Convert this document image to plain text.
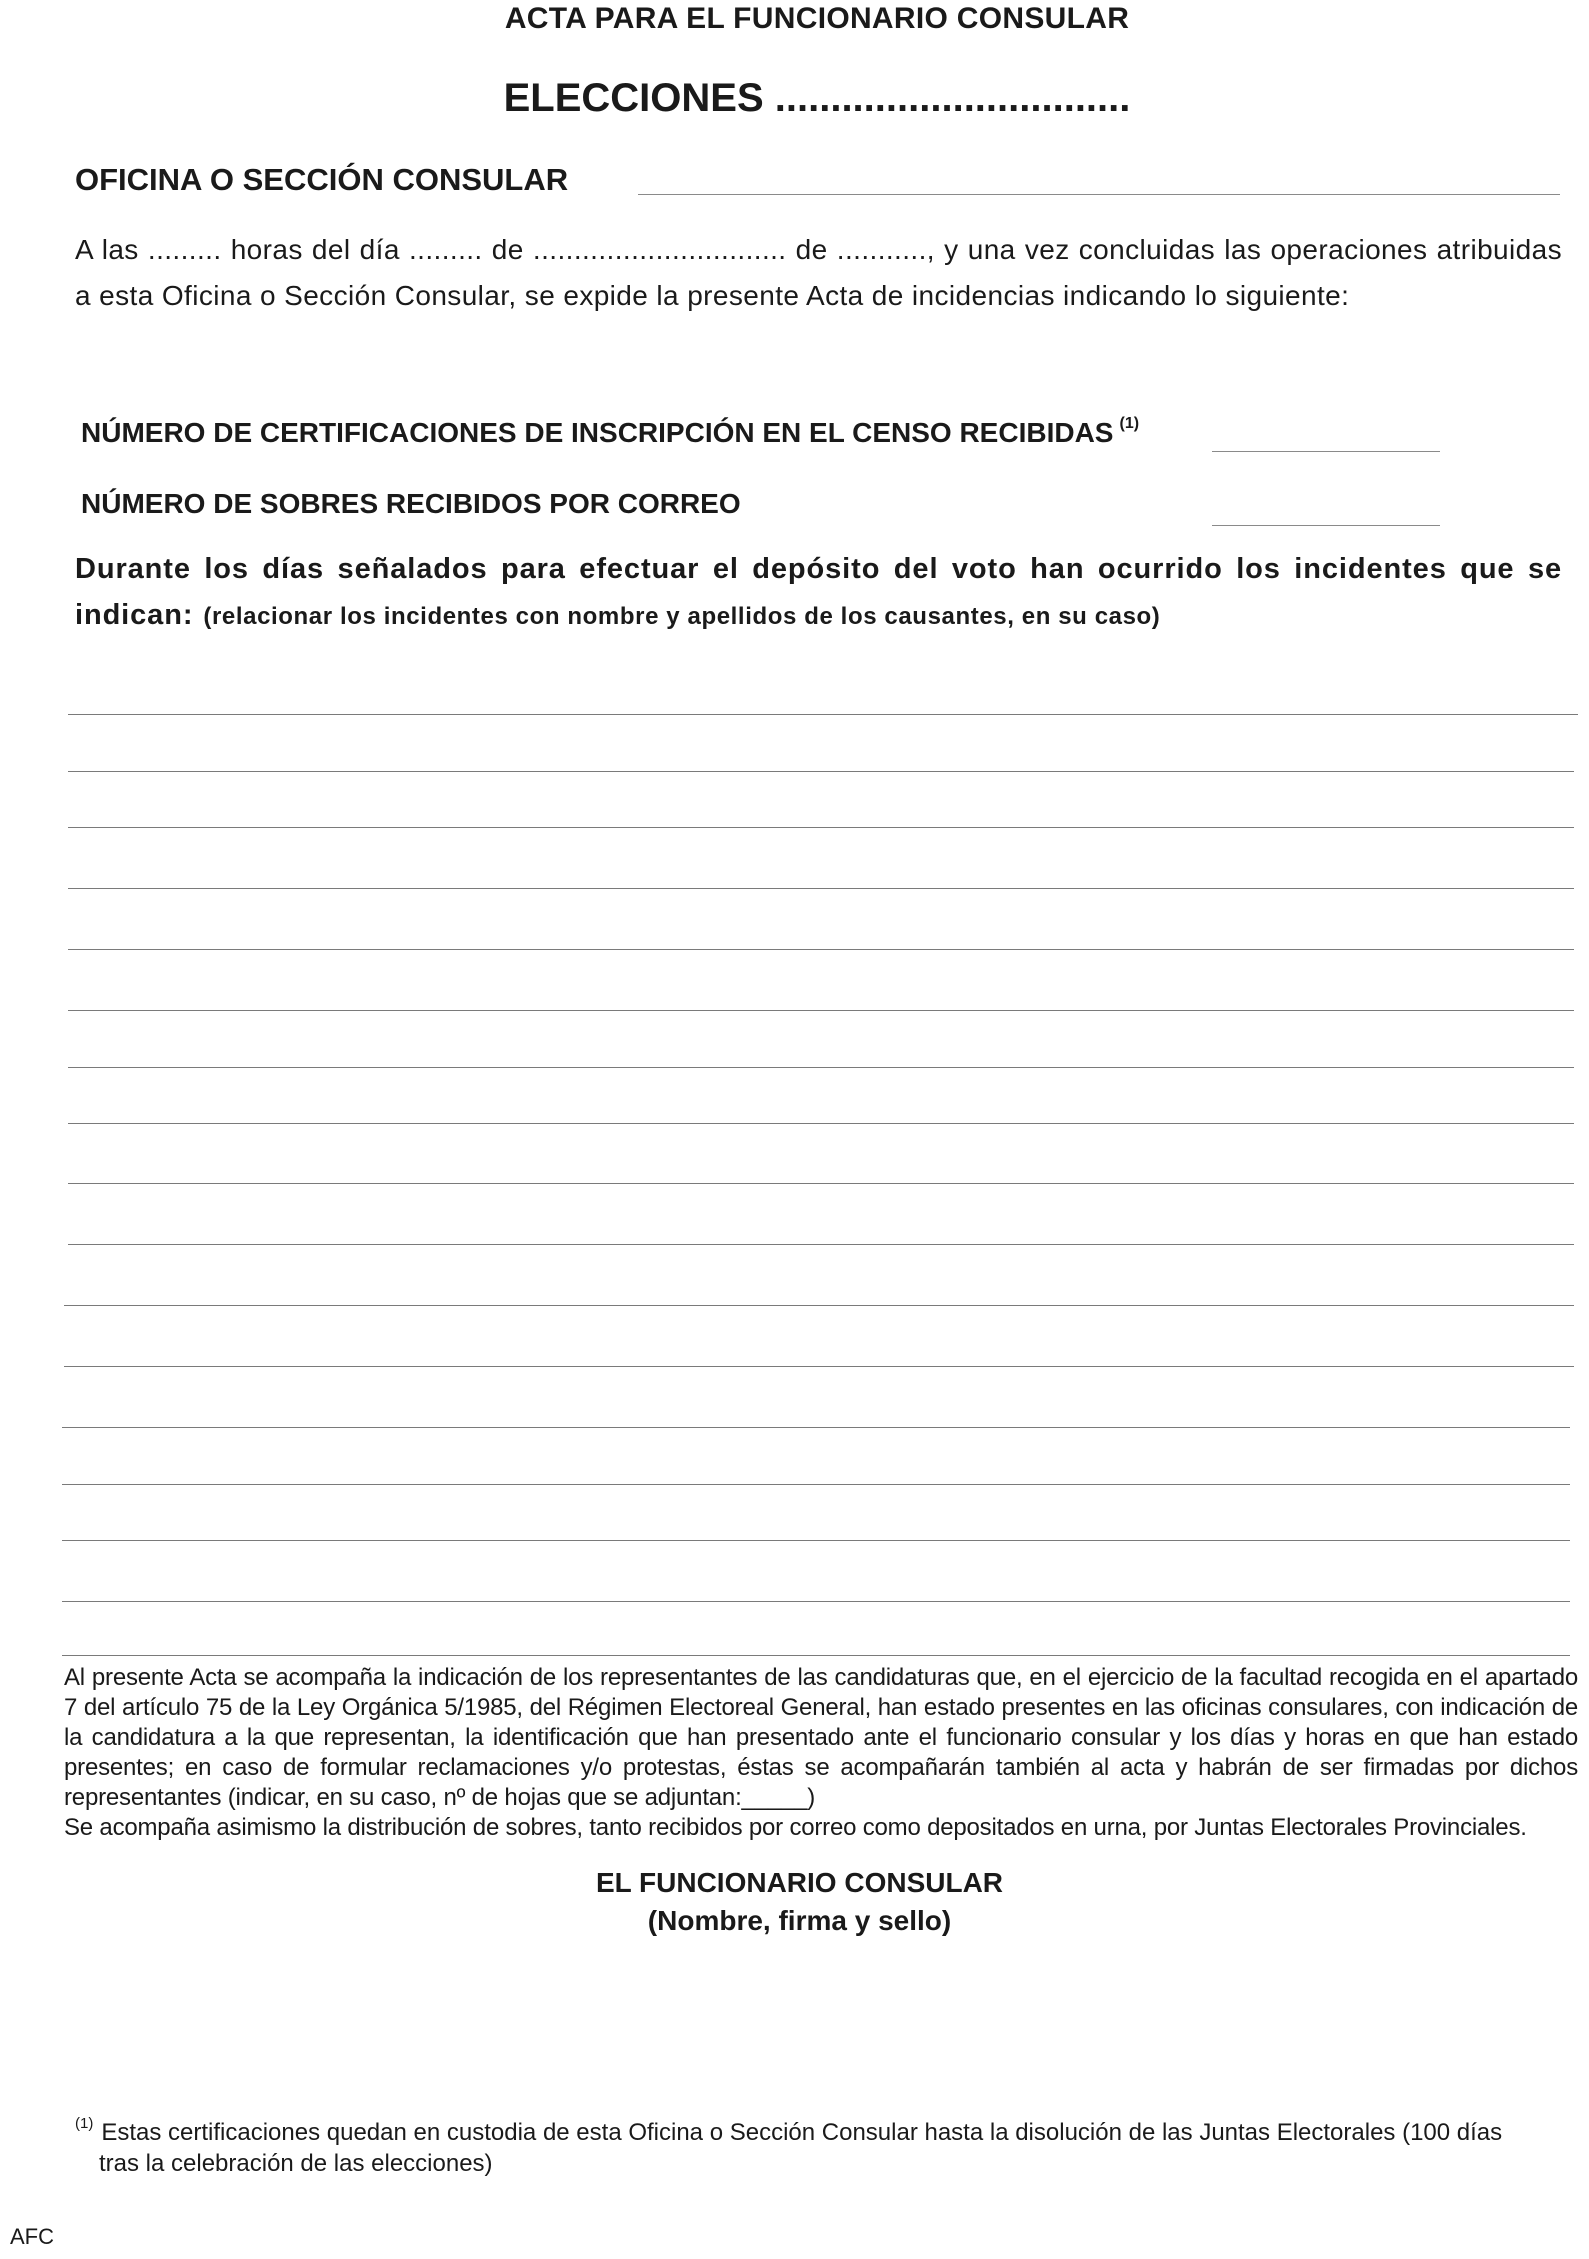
ACTA PARA EL FUNCIONARIO CONSULAR
ELECCIONES ................................
OFICINA O SECCIÓN CONSULAR
A las ......... horas del día ......... de ............................... de ..........., y una vez concluidas las operaciones atribuidas a esta Oficina o Sección Consular, se expide la presente Acta de incidencias indicando lo siguiente:
NÚMERO DE CERTIFICACIONES DE INSCRIPCIÓN EN EL CENSO RECIBIDAS $^{(1)}$
NÚMERO DE SOBRES RECIBIDOS POR CORREO
Durante los días señalados para efectuar el depósito del voto han ocurrido los incidentes que se indican: (relacionar los incidentes con nombre y apellidos de los causantes, en su caso)

Al presente Acta se acompaña la indicación de los representantes de las candidaturas que, en el ejercicio de la facultad recogida en el apartado 7 del artículo 75 de la Ley Orgánica 5/1985, del Régimen Electoreal General, han estado presentes en las oficinas consulares, con indicación de la candidatura a la que representan, la identificación que han presentado ante el funcionario consular y los días y horas en que han estado presentes; en caso de formular reclamaciones y/o protestas, éstas se acompañarán también al acta y habrán de ser firmadas por dichos representantes (indicar, en su caso, nº de hojas que se adjuntan:_____)

Se acompaña asimismo la distribución de sobres, tanto recibidos por correo como depositados en urna, por Juntas Electorales Provinciales.

EL FUNCIONARIO CONSULAR
(Nombre, firma y sello)
$^{(1)}$ Estas certificaciones quedan en custodia de esta Oficina o Sección Consular hasta la disolución de las Juntas Electorales (100 días
tras la celebración de las elecciones)
AFC
